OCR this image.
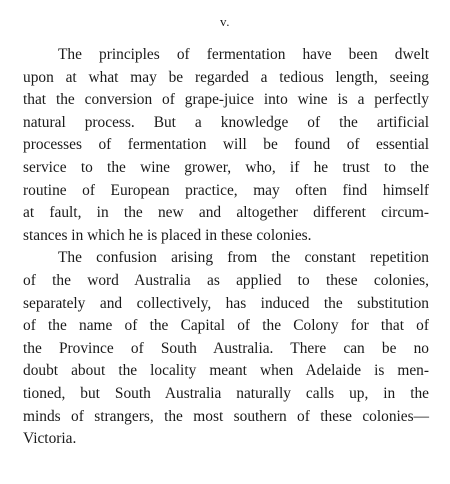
v.
The principles of fermentation have been dwelt
upon at what may be regarded a tedious length, seeing
that the conversion of grape-juice into wine is a perfectly
natural process. But a knowledge of the artificial
processes of fermentation will be found of essential
service to the wine grower, who, if he trust to the
routine of European practice, may often find himself
at fault, in the new and altogether different circum-
stances in which he is placed in these colonies.
The confusion arising from the constant repetition
of the word Australia as applied to these colonies,
separately and collectively, has induced the substitution
of the name of the Capital of the Colony for that of
the Province of South Australia. There can be no
doubt about the locality meant when Adelaide is men-
tioned, but South Australia naturally calls up, in the
minds of strangers, the most southern of these colonies—
Victoria.
